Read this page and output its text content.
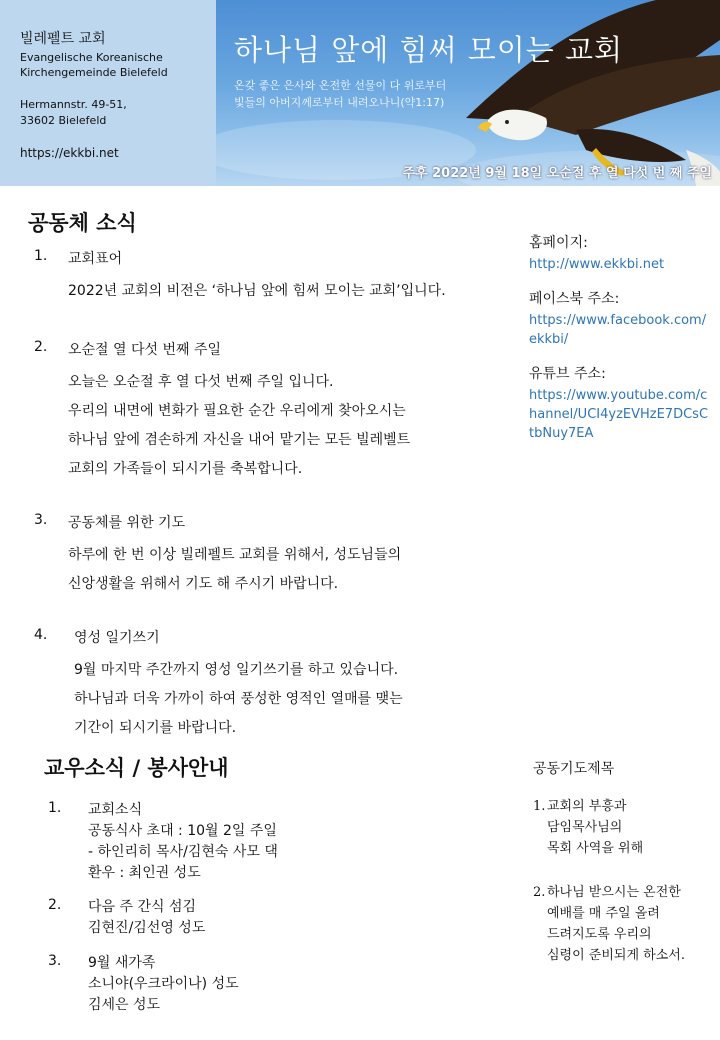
빌레펠트 교회
Evangelische Koreanische
Kirchengemeinde Bielefeld
Hermannstr. 49-51,
33602 Bielefeld
https://ekkbi.net
하나님 앞에 힘써 모이는 교회
온갖 좋은 은사와 온전한 선물이 다 위로부터
빛들의 아버지께로부터 내려오나니(약1:17)
주후 2022년 9월 18일 오순절 후 열 다섯 번 째 주일
공동체 소식
1. 교회표어
2022년 교회의 비전은 ‘하나님 앞에 힘써 모이는 교회’입니다.
2. 오순절 열 다섯 번째 주일
오늘은 오순절 후 열 다섯 번째 주일 입니다.
우리의 내면에 변화가 필요한 순간 우리에게 찾아오시는
하나님 앞에 겸손하게 자신을 내어 맡기는 모든 빌레벨트
교회의 가족들이 되시기를 축복합니다.
3. 공동체를 위한 기도
하루에 한 번 이상 빌레펠트 교회를 위해서, 성도님들의
신앙생활을 위해서 기도 해 주시기 바랍니다.
4. 영성 일기쓰기
9월 마지막 주간까지 영성 일기쓰기를 하고 있습니다.
하나님과 더욱 가까이 하여 풍성한 영적인 열매를 맺는
기간이 되시기를 바랍니다.
홈페이지:
http://www.ekkbi.net
페이스북 주소:
https://www.facebook.com/ekkbi/
유튜브 주소:
https://www.youtube.com/channel/UCI4yzEVHzE7DCsCtbNuy7EA
교우소식 / 봉사안내
1. 교회소식
공동식사 초대 : 10월 2일 주일
- 하인리히 목사/김현숙 사모 댁
환우 : 최인권 성도
2. 다음 주 간식 섬김
김현진/김선영 성도
3. 9월 새가족
소니야(우크라이나) 성도
김세은 성도
공동기도제목
1. 교회의 부흥과
담임목사님의
목회 사역을 위해
2. 하나님 받으시는 온전한
예배를 매 주일 올려
드려지도록 우리의
심령이 준비되게 하소서.
